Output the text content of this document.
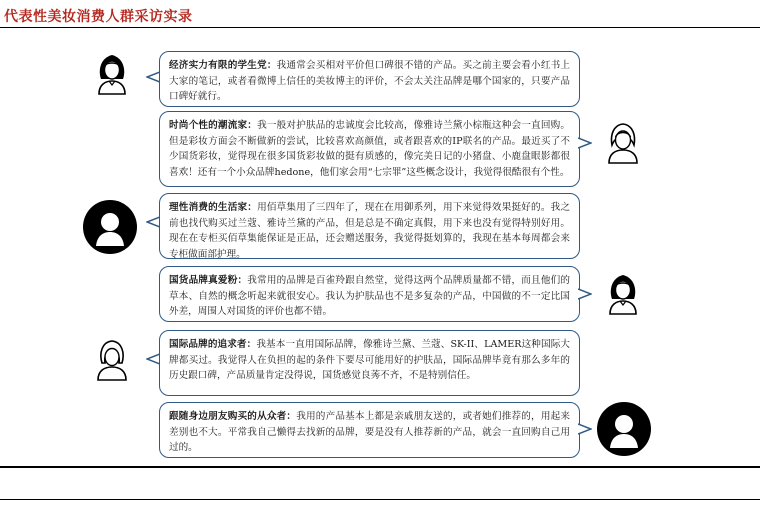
代表性美妆消费人群采访实录
经济实力有限的学生党：我通常会买相对平价但口碑很不错的产品。买之前主要会看小红书上大家的笔记，或者看微博上信任的美妆博主的评价，不会太关注品牌是哪个国家的，只要产品口碑好就行。
时尚个性的潮流家：我一般对护肤品的忠诚度会比较高，像雅诗兰黛小棕瓶这种会一直回购。但是彩妆方面会不断做新的尝试，比较喜欢高颜值，或者跟喜欢的IP联名的产品。最近买了不少国货彩妆，觉得现在很多国货彩妆做的挺有质感的，像完美日记的小猪盘、小鹿盘眼影都很喜欢！还有一个小众品牌hedone，他们家会用“七宗罪”这些概念设计，我觉得很酷很有个性。
理性消费的生活家：用佰草集用了三四年了，现在在用御系列，用下来觉得效果挺好的。我之前也找代购买过兰蔻、雅诗兰黛的产品，但是总是不确定真假，用下来也没有觉得特别好用。现在在专柜买佰草集能保证是正品，还会赠送服务，我觉得挺划算的，我现在基本每周都会来专柜做面部护理。
国货品牌真爱粉：我常用的品牌是百雀羚跟自然堂，觉得这两个品牌质量都不错，而且他们的草本、自然的概念听起来就很安心。我认为护肤品也不是多复杂的产品，中国做的不一定比国外差，周围人对国货的评价也都不错。
国际品牌的追求者：我基本一直用国际品牌，像雅诗兰黛、兰蔻、SK-II、LAMER这种国际大牌都买过。我觉得人在负担的起的条件下要尽可能用好的护肤品，国际品牌毕竟有那么多年的历史跟口碑，产品质量肯定没得说，国货感觉良莠不齐，不是特别信任。
跟随身边朋友购买的从众者：我用的产品基本上都是亲戚朋友送的，或者她们推荐的，用起来差别也不大。平常我自己懒得去找新的品牌，要是没有人推荐新的产品，就会一直回购自己用过的。
